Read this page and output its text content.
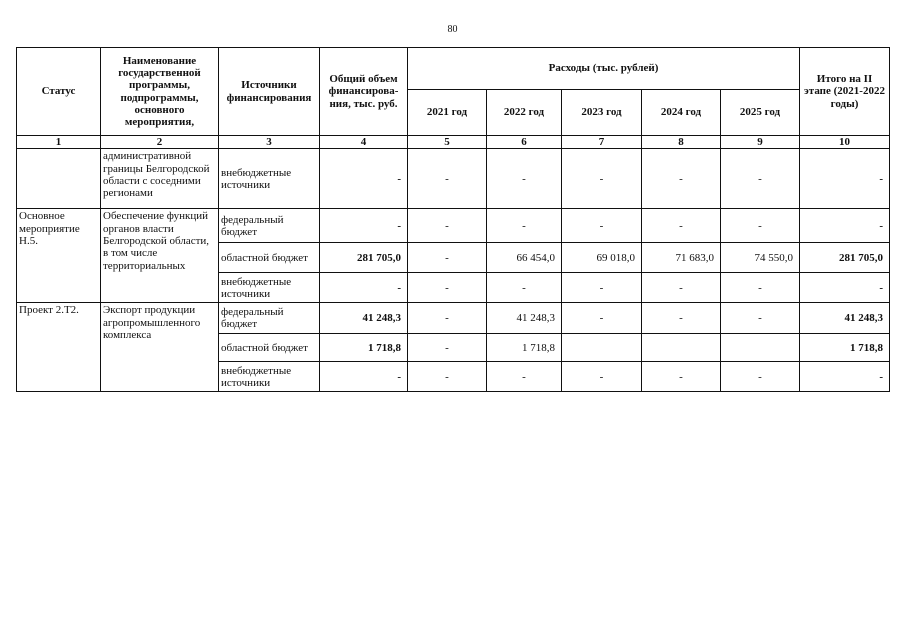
80
Статус	Наименование государственной программы, подпрограммы, основного мероприятия,	Источники финансирования	Общий объем финансирова-ния, тыс. руб.	Расходы (тыс. рублей)					Итого на II этапе (2021-2022 годы)
				2021 год	2022 год	2023 год	2024 год	2025 год	
1	2	3	4	5	6	7	8	9	10
	административной границы Белгородской области с соседними регионами	внебюджетные источники	-	-	-	-	-	-	-
Основное мероприятие Н.5.	Обеспечение функций органов власти Белгородской области, в том числе территориальных	федеральный бюджет	-	-	-	-	-	-	-
		областной бюджет	281 705,0	-	66 454,0	69 018,0	71 683,0	74 550,0	281 705,0
		внебюджетные источники	-	-	-	-	-	-	-
Проект 2.Т2.	Экспорт продукции агропромышленного комплекса	федеральный бюджет	41 248,3	-	41 248,3	-	-	-	41 248,3
		областной бюджет	1 718,8	-	1 718,8				1 718,8
		внебюджетные источники	-	-	-	-	-	-	-
